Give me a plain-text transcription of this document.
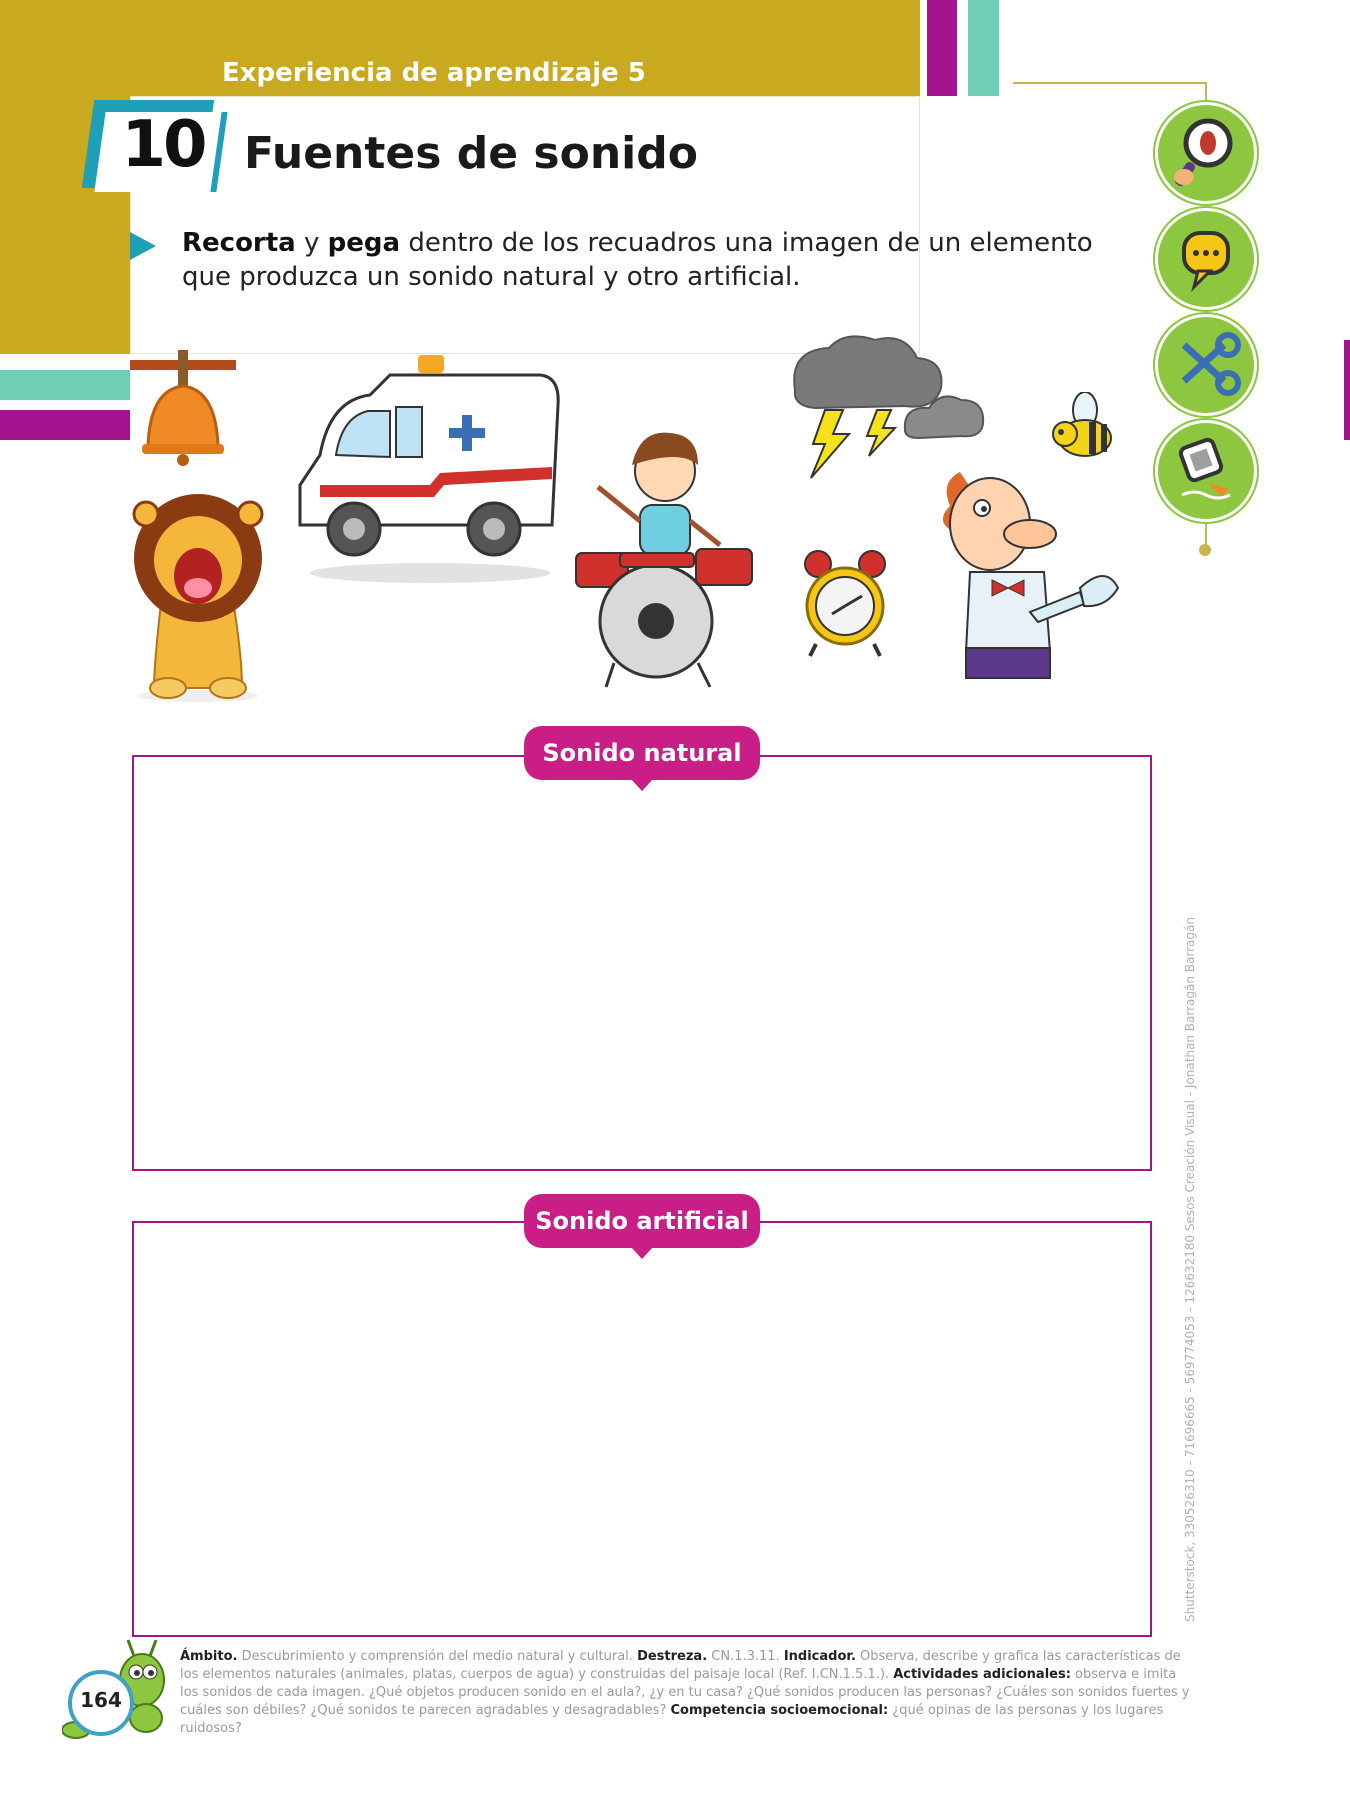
Experiencia de aprendizaje 5
10 Fuentes de sonido
Recorta y pega dentro de los recuadros una imagen de un elemento que produzca un sonido natural y otro artificial.
Sonido natural
Sonido artificial	Shutterstock, 330526310 - 71696665 - 569774053 - 126632180 Sesos Creación Visual - Jonathan Barragán Barragán
164
Ámbito. Descubrimiento y comprensión del medio natural y cultural. Destreza. CN.1.3.11. Indicador. Observa, describe y grafica las características de los elementos naturales (animales, platas, cuerpos de agua) y construidas del paisaje local (Ref. I.CN.1.5.1.). Actividades adicionales: observa e imita los sonidos de cada imagen. ¿Qué objetos producen sonido en el aula?, ¿y en tu casa? ¿Qué sonidos producen las personas? ¿Cuáles son sonidos fuertes y cuáles son débiles? ¿Qué sonidos te parecen agradables y desagradables? Competencia socioemocional: ¿qué opinas de las personas y los lugares ruidosos?
